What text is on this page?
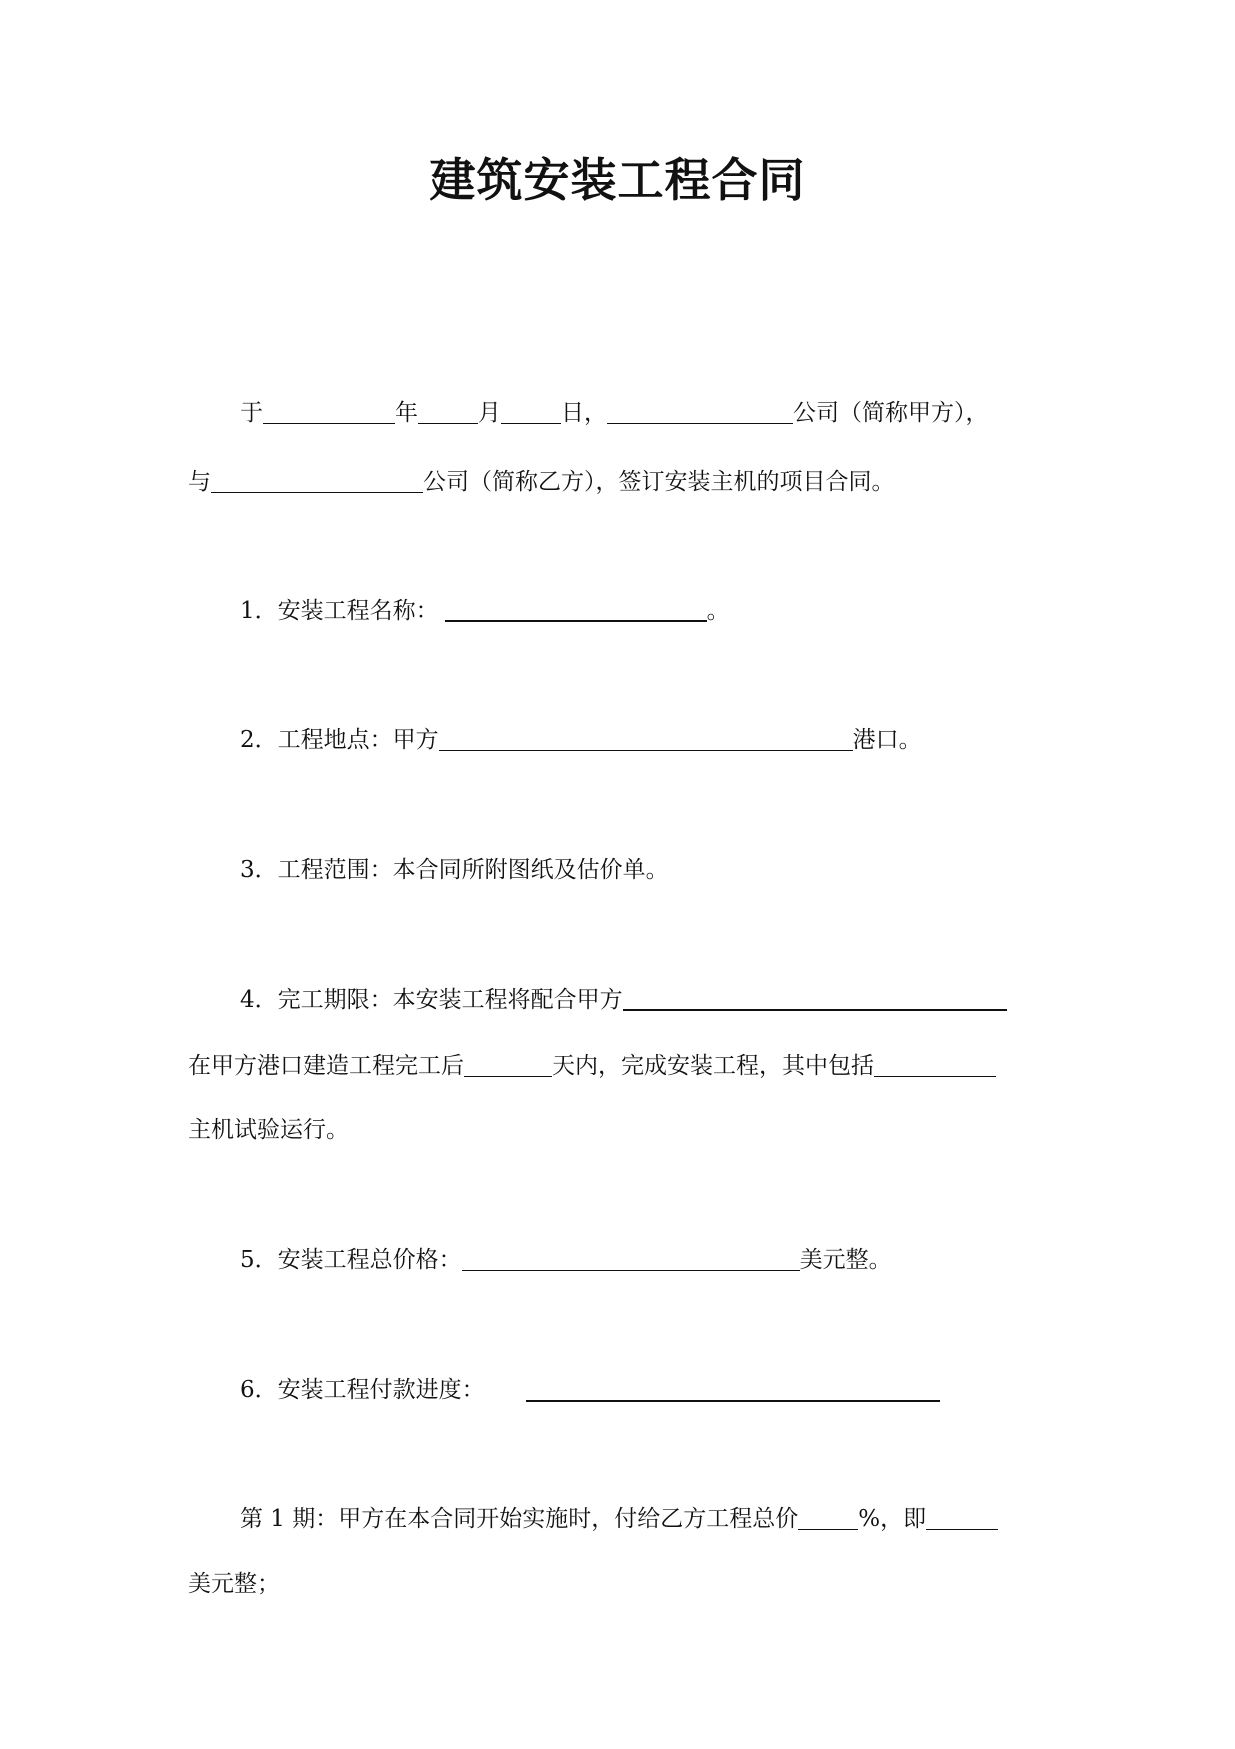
建筑安装工程合同
于	年	月	日，	公司（简称甲方），
与	公司（简称乙方），签订安装主机的项目合同。
1．安装工程名称：	。
2．工程地点：甲方	港口。
3．工程范围：本合同所附图纸及估价单。
4．完工期限：本安装工程将配合甲方
在甲方港口建造工程完工后	天内，完成安装工程，其中包括
主机试验运行。
5．安装工程总价格：	美元整。
6．安装工程付款进度：
第 1 期：甲方在本合同开始实施时，付给乙方工程总价	%，即
美元整；
